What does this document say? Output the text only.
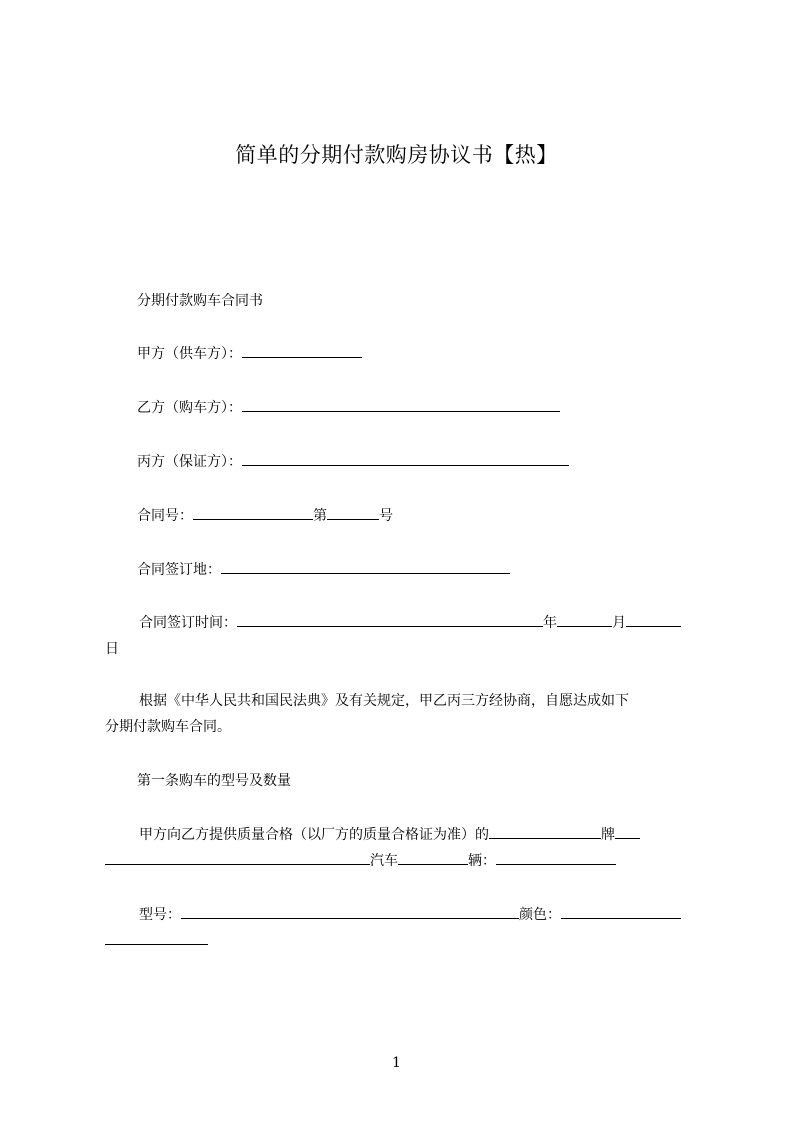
简单的分期付款购房协议书【热】
分期付款购车合同书
甲方（供车方）：
乙方（购车方）：
丙方（保证方）：
合同号：	第	号
合同签订地：
合同签订时间：	年	月
日
根据《中华人民共和国民法典》及有关规定，甲乙丙三方经协商，自愿达成如下
分期付款购车合同。
第一条购车的型号及数量
甲方向乙方提供质量合格（以厂方的质量合格证为准）的	牌
汽车	辆：
型号：	颜色：
1
